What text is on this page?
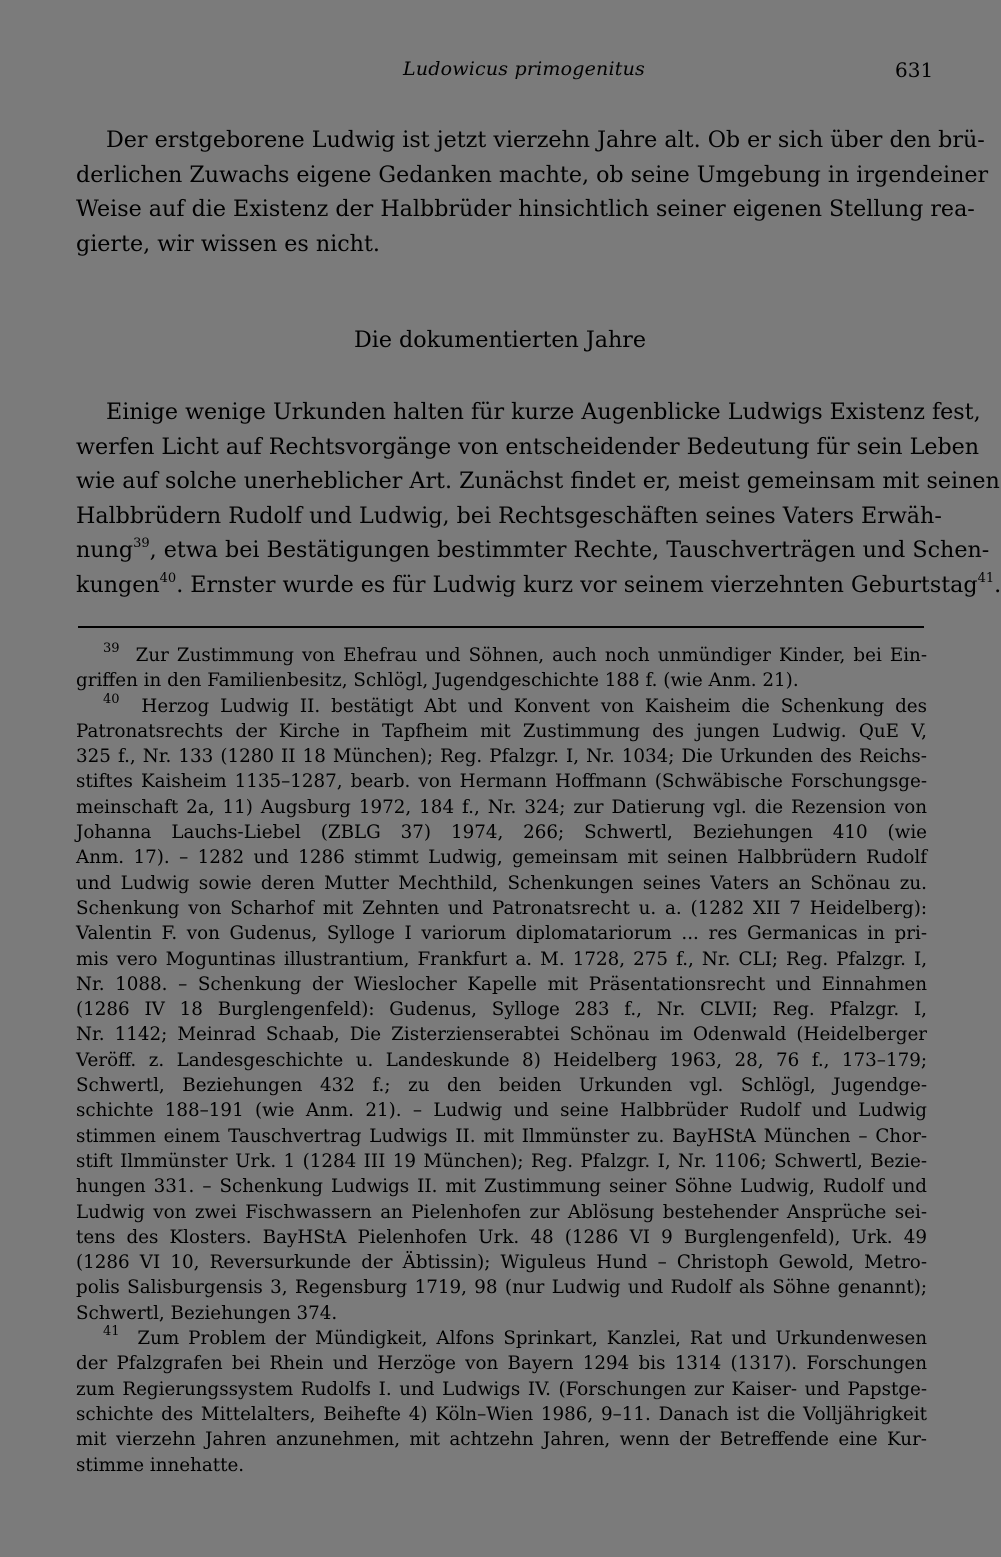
Ludowicus primogenitus	631
Der erstgeborene Ludwig ist jetzt vierzehn Jahre alt. Ob er sich über den brü-
derlichen Zuwachs eigene Gedanken machte, ob seine Umgebung in irgendeiner
Weise auf die Existenz der Halbbrüder hinsichtlich seiner eigenen Stellung rea-
gierte, wir wissen es nicht.
Die dokumentierten Jahre
Einige wenige Urkunden halten für kurze Augenblicke Ludwigs Existenz fest,
werfen Licht auf Rechtsvorgänge von entscheidender Bedeutung für sein Leben
wie auf solche unerheblicher Art. Zunächst findet er, meist gemeinsam mit seinen
Halbbrüdern Rudolf und Ludwig, bei Rechtsgeschäften seines Vaters Erwäh-
nung$^{39}$, etwa bei Bestätigungen bestimmter Rechte, Tauschverträgen und Schen-
kungen$^{40}$. Ernster wurde es für Ludwig kurz vor seinem vierzehnten Geburtstag$^{41}$.
$^{39}$  Zur Zustimmung von Ehefrau und Söhnen, auch noch unmündiger Kinder, bei Ein-
griffen in den Familienbesitz, Schlögl, Jugendgeschichte 188 f. (wie Anm. 21).
$^{40}$  Herzog Ludwig II. bestätigt Abt und Konvent von Kaisheim die Schenkung des
Patronatsrechts der Kirche in Tapfheim mit Zustimmung des jungen Ludwig. QuE V,
325 f., Nr. 133 (1280 II 18 München); Reg. Pfalzgr. I, Nr. 1034; Die Urkunden des Reichs-
stiftes Kaisheim 1135–1287, bearb. von Hermann Hoffmann (Schwäbische Forschungsge-
meinschaft 2a, 11) Augsburg 1972, 184 f., Nr. 324; zur Datierung vgl. die Rezension von
Johanna Lauchs-Liebel (ZBLG 37) 1974, 266; Schwertl, Beziehungen 410 (wie
Anm. 17). – 1282 und 1286 stimmt Ludwig, gemeinsam mit seinen Halbbrüdern Rudolf
und Ludwig sowie deren Mutter Mechthild, Schenkungen seines Vaters an Schönau zu.
Schenkung von Scharhof mit Zehnten und Patronatsrecht u. a. (1282 XII 7 Heidelberg):
Valentin F. von Gudenus, Sylloge I variorum diplomatariorum ... res Germanicas in pri-
mis vero Moguntinas illustrantium, Frankfurt a. M. 1728, 275 f., Nr. CLI; Reg. Pfalzgr. I,
Nr. 1088. – Schenkung der Wieslocher Kapelle mit Präsentationsrecht und Einnahmen
(1286 IV 18 Burglengenfeld): Gudenus, Sylloge 283 f., Nr. CLVII; Reg. Pfalzgr. I,
Nr. 1142; Meinrad Schaab, Die Zisterzienserabtei Schönau im Odenwald (Heidelberger
Veröff. z. Landesgeschichte u. Landeskunde 8) Heidelberg 1963, 28, 76 f., 173–179;
Schwertl, Beziehungen 432 f.; zu den beiden Urkunden vgl. Schlögl, Jugendge-
schichte 188–191 (wie Anm. 21). – Ludwig und seine Halbbrüder Rudolf und Ludwig
stimmen einem Tauschvertrag Ludwigs II. mit Ilmmünster zu. BayHStA München – Chor-
stift Ilmmünster Urk. 1 (1284 III 19 München); Reg. Pfalzgr. I, Nr. 1106; Schwertl, Bezie-
hungen 331. – Schenkung Ludwigs II. mit Zustimmung seiner Söhne Ludwig, Rudolf und
Ludwig von zwei Fischwassern an Pielenhofen zur Ablösung bestehender Ansprüche sei-
tens des Klosters. BayHStA Pielenhofen Urk. 48 (1286 VI 9 Burglengenfeld), Urk. 49
(1286 VI 10, Reversurkunde der Äbtissin); Wiguleus Hund – Christoph Gewold, Metro-
polis Salisburgensis 3, Regensburg 1719, 98 (nur Ludwig und Rudolf als Söhne genannt);
Schwertl, Beziehungen 374.
$^{41}$  Zum Problem der Mündigkeit, Alfons Sprinkart, Kanzlei, Rat und Urkundenwesen
der Pfalzgrafen bei Rhein und Herzöge von Bayern 1294 bis 1314 (1317). Forschungen
zum Regierungssystem Rudolfs I. und Ludwigs IV. (Forschungen zur Kaiser- und Papstge-
schichte des Mittelalters, Beihefte 4) Köln–Wien 1986, 9–11. Danach ist die Volljährigkeit
mit vierzehn Jahren anzunehmen, mit achtzehn Jahren, wenn der Betreffende eine Kur-
stimme innehatte.
